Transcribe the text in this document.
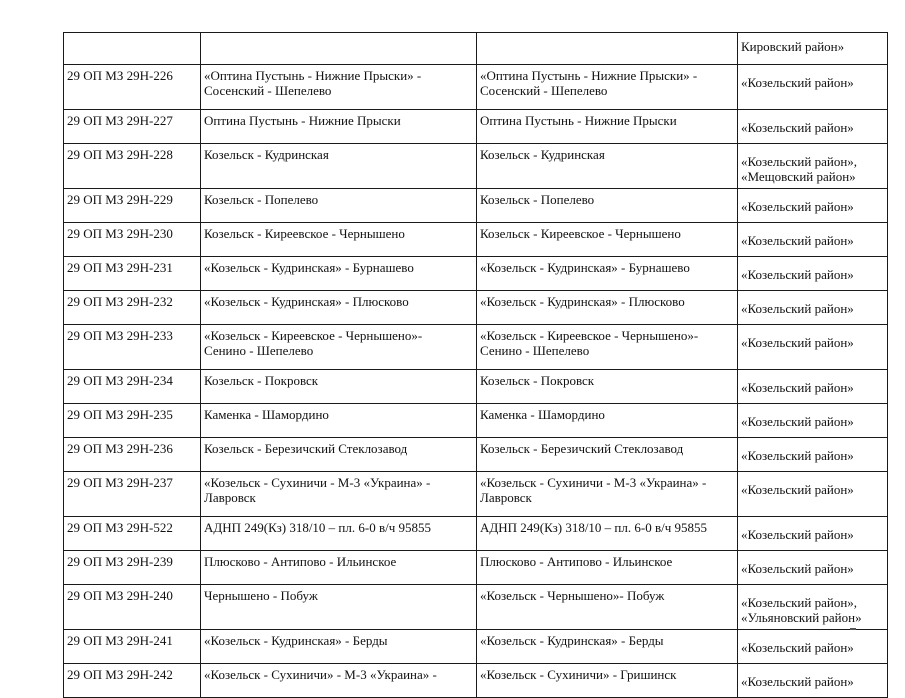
			Кировский район»

29 ОП МЗ 29Н-226	«Оптина Пустынь - Нижние Прыски» -
Сосенский - Шепелево	«Оптина Пустынь - Нижние Прыски» -
Сосенский - Шепелево	«Козельский район»

29 ОП МЗ 29Н-227	Оптина Пустынь - Нижние Прыски	Оптина Пустынь - Нижние Прыски	«Козельский район»

29 ОП МЗ 29Н-228	Козельск - Кудринская	Козельск - Кудринская	«Козельский район»,
«Мещовский район»

29 ОП МЗ 29Н-229	Козельск - Попелево	Козельск - Попелево	«Козельский район»

29 ОП МЗ 29Н-230	Козельск - Киреевское - Чернышено	Козельск - Киреевское - Чернышено	«Козельский район»

29 ОП МЗ 29Н-231	«Козельск - Кудринская» - Бурнашево	«Козельск - Кудринская» - Бурнашево	«Козельский район»

29 ОП МЗ 29Н-232	«Козельск - Кудринская» - Плюсково	«Козельск - Кудринская» - Плюсково	«Козельский район»

29 ОП МЗ 29Н-233	«Козельск - Киреевское - Чернышено»-
Сенино - Шепелево	«Козельск - Киреевское - Чернышено»-
Сенино - Шепелево	«Козельский район»

29 ОП МЗ 29Н-234	Козельск - Покровск	Козельск - Покровск	«Козельский район»

29 ОП МЗ 29Н-235	Каменка - Шамордино	Каменка - Шамордино	«Козельский район»

29 ОП МЗ 29Н-236	Козельск - Березичский Стеклозавод	Козельск - Березичский Стеклозавод	«Козельский район»

29 ОП МЗ 29Н-237	«Козельск - Сухиничи - М-3 «Украина» -
Лавровск	«Козельск - Сухиничи - М-3 «Украина» -
Лавровск	«Козельский район»

29 ОП МЗ 29Н-522	АДНП 249(Кз) 318/10 – пл. 6-0 в/ч 95855	АДНП 249(Кз) 318/10 – пл. 6-0 в/ч 95855	«Козельский район»

29 ОП МЗ 29Н-239	Плюсково - Антипово - Ильинское	Плюсково - Антипово - Ильинское	«Козельский район»

29 ОП МЗ 29Н-240	Чернышено - Побуж	«Козельск - Чернышено»- Побуж	«Козельский район»,
«Ульяновский район»

29 ОП МЗ 29Н-241	«Козельск - Кудринская» - Берды	«Козельск - Кудринская» - Берды	«Козельский район»

29 ОП МЗ 29Н-242	«Козельск - Сухиничи» - М-3 «Украина» -	«Козельск - Сухиничи» - Гришинск	«Козельский район»
